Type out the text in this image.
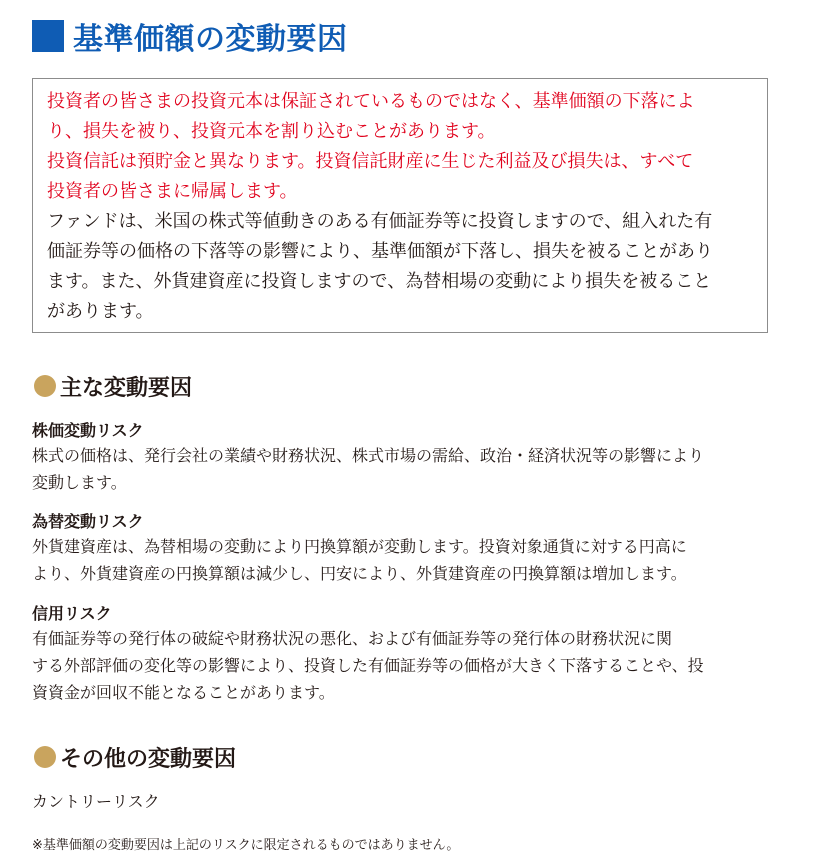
基準価額の変動要因

投資者の皆さまの投資元本は保証されているものではなく、基準価額の下落によ

り、損失を被り、投資元本を割り込むことがあります。

投資信託は預貯金と異なります。投資信託財産に生じた利益及び損失は、すべて

投資者の皆さまに帰属します。

ファンドは、米国の株式等値動きのある有価証券等に投資しますので、組入れた有

価証券等の価格の下落等の影響により、基準価額が下落し、損失を被ることがあり

ます。また、外貨建資産に投資しますので、為替相場の変動により損失を被ること

があります。

主な変動要因
株価変動リスク

株式の価格は、発行会社の業績や財務状況、株式市場の需給、政治・経済状況等の影響により

変動します。

為替変動リスク

外貨建資産は、為替相場の変動により円換算額が変動します。投資対象通貨に対する円高に

より、外貨建資産の円換算額は減少し、円安により、外貨建資産の円換算額は増加します。

信用リスク

有価証券等の発行体の破綻や財務状況の悪化、および有価証券等の発行体の財務状況に関

する外部評価の変化等の影響により、投資した有価証券等の価格が大きく下落することや、投

資資金が回収不能となることがあります。

その他の変動要因
カントリーリスク
※基準価額の変動要因は上記のリスクに限定されるものではありません。
